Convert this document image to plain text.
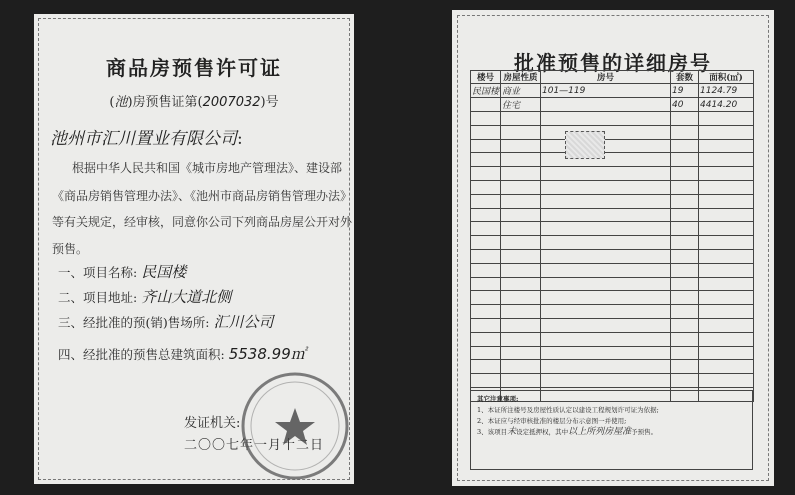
商品房预售许可证
(池)房预售证第(2007032)号
池州市汇川置业有限公司:
根据中华人民共和国《城市房地产管理法》、建设部
《商品房销售管理办法》、《池州市商品房销售管理办法》
等有关规定，经审核，同意你公司下列商品房屋公开对外
预售。
一、项目名称: 民国楼
二、项目地址: 齐山大道北侧
三、经批准的预(销)售场所: 汇川公司
四、经批准的预售总建筑面积: 5538.99㎡
发证机关:
二〇〇七年一月十二日
批准预售的详细房号
楼号	房屋性质	房号	套数	面积(㎡)
民国楼	商业	101—119	19	1124.79
	住宅		40	4414.20

其它注意事项:
1、本证所注楼号及房屋性质认定以建设工程规划许可证为依据;
2、本证应与经审核批准的楼层分布示意图一并使用;
3、该项目未设定抵押权，其中以上所列房屋准予预售。
